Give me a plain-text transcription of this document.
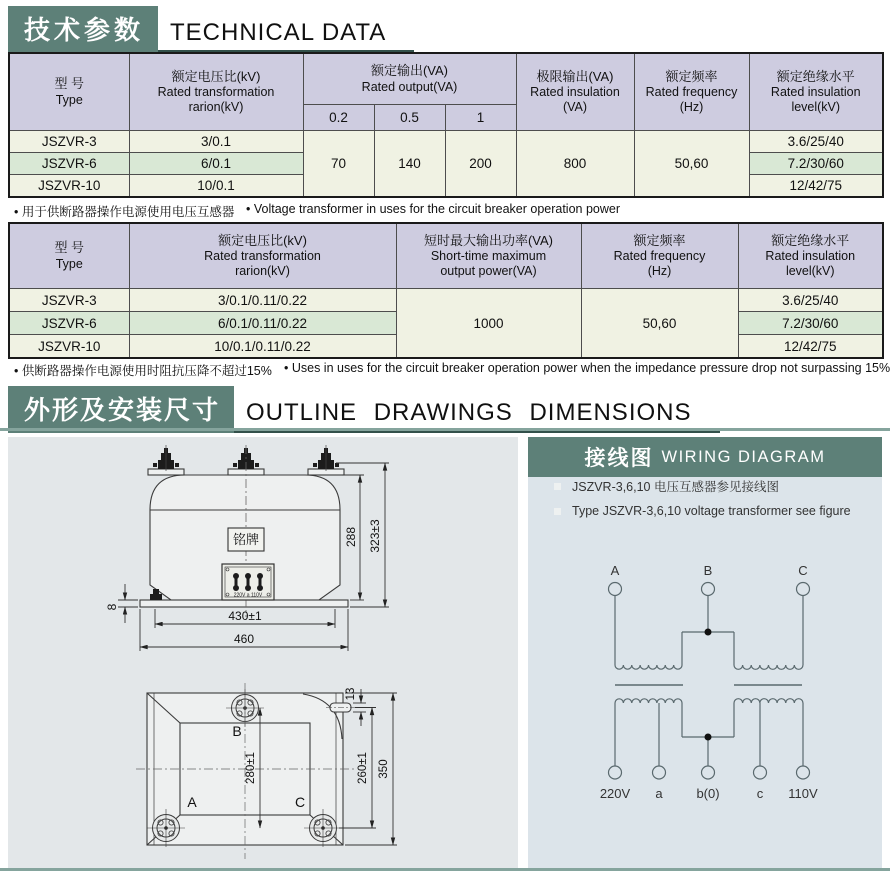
技术参数	TECHNICAL DATA
型 号
Type	额定电压比(kV)
Rated transformation
rarion(kV)	额定输出(VA)
Rated output(VA)			极限输出(VA)
Rated insulation
(VA)	额定频率
Rated frequency
(Hz)	额定绝缘水平
Rated insulation
level(kV)

		0.2	0.5	1			
JSZVR-3	3/0.1	70	140	200	800	50,60	3.6/25/40
JSZVR-6	6/0.1						7.2/30/60
JSZVR-10	10/0.1						12/42/75
• 用于供断路器操作电源使用电压互感器 • Voltage transformer in uses for the circuit breaker operation power
型 号
Type	额定电压比(kV)
Rated transformation
rarion(kV)	短时最大输出功率(VA)
Short-time maximum
output power(VA)	额定频率
Rated frequency
(Hz)	额定绝缘水平
Rated insulation
level(kV)

JSZVR-3	3/0.1/0.11/0.22	1000	50,60	3.6/25/40
JSZVR-6	6/0.1/0.11/0.22			7.2/30/60
JSZVR-10	10/0.1/0.11/0.22			12/42/75
• 供断路器操作电源使用时阻抗压降不超过15% • Uses in uses for the circuit breaker operation power when the impedance pressure drop not surpassing 15%
外形及安装尺寸	OUTLINE DRAWINGS DIMENSIONS
铭牌
220V a 110V
288 323±3
8
430±1
460
A
B
C
280±1
13
260±1 350
接线图 WIRING DIAGRAM
JSZVR-3,6,10 电压互感器参见接线图
Type JSZVR-3,6,10 voltage transformer see figure
A	B	C
220V a	b(0)	c 110V
